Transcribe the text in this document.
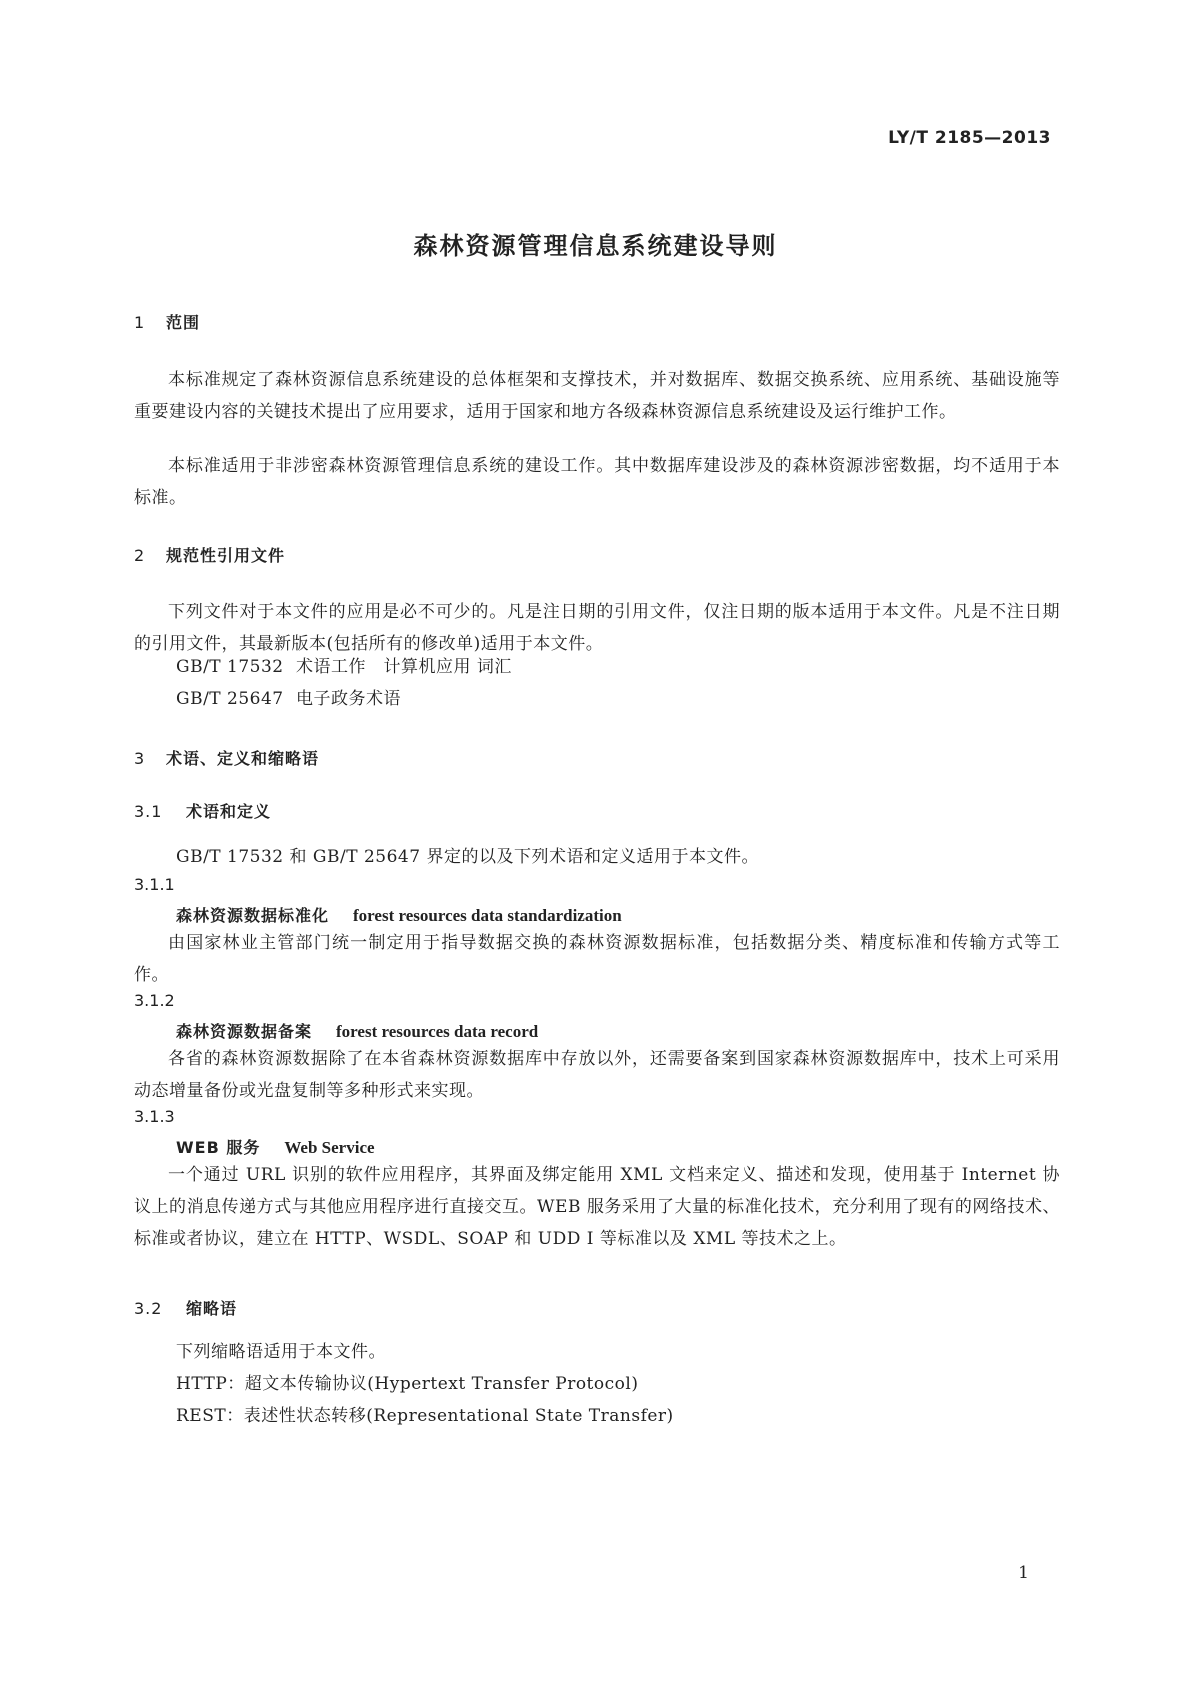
LY/T 2185—2013
森林资源管理信息系统建设导则
1 范围
本标准规定了森林资源信息系统建设的总体框架和支撑技术，并对数据库、数据交换系统、应用系统、基础设施等重要建设内容的关键技术提出了应用要求，适用于国家和地方各级森林资源信息系统建设及运行维护工作。
本标准适用于非涉密森林资源管理信息系统的建设工作。其中数据库建设涉及的森林资源涉密数据，均不适用于本标准。
2 规范性引用文件
下列文件对于本文件的应用是必不可少的。凡是注日期的引用文件，仅注日期的版本适用于本文件。凡是不注日期的引用文件，其最新版本(包括所有的修改单)适用于本文件。
GB/T 17532 术语工作　计算机应用 词汇
GB/T 25647 电子政务术语
3 术语、定义和缩略语
3.1 术语和定义
GB/T 17532 和 GB/T 25647 界定的以及下列术语和定义适用于本文件。
3.1.1
森林资源数据标准化 forest resources data standardization
由国家林业主管部门统一制定用于指导数据交换的森林资源数据标准，包括数据分类、精度标准和传输方式等工作。
3.1.2
森林资源数据备案 forest resources data record
各省的森林资源数据除了在本省森林资源数据库中存放以外，还需要备案到国家森林资源数据库中，技术上可采用动态增量备份或光盘复制等多种形式来实现。
3.1.3
WEB 服务 Web Service
一个通过 URL 识别的软件应用程序，其界面及绑定能用 XML 文档来定义、描述和发现，使用基于 Internet 协议上的消息传递方式与其他应用程序进行直接交互。WEB 服务采用了大量的标准化技术，充分利用了现有的网络技术、标准或者协议，建立在 HTTP、WSDL、SOAP 和 UDD I 等标准以及 XML 等技术之上。
3.2 缩略语
下列缩略语适用于本文件。
HTTP：超文本传输协议(Hypertext Transfer Protocol)
REST：表述性状态转移(Representational State Transfer)
1
